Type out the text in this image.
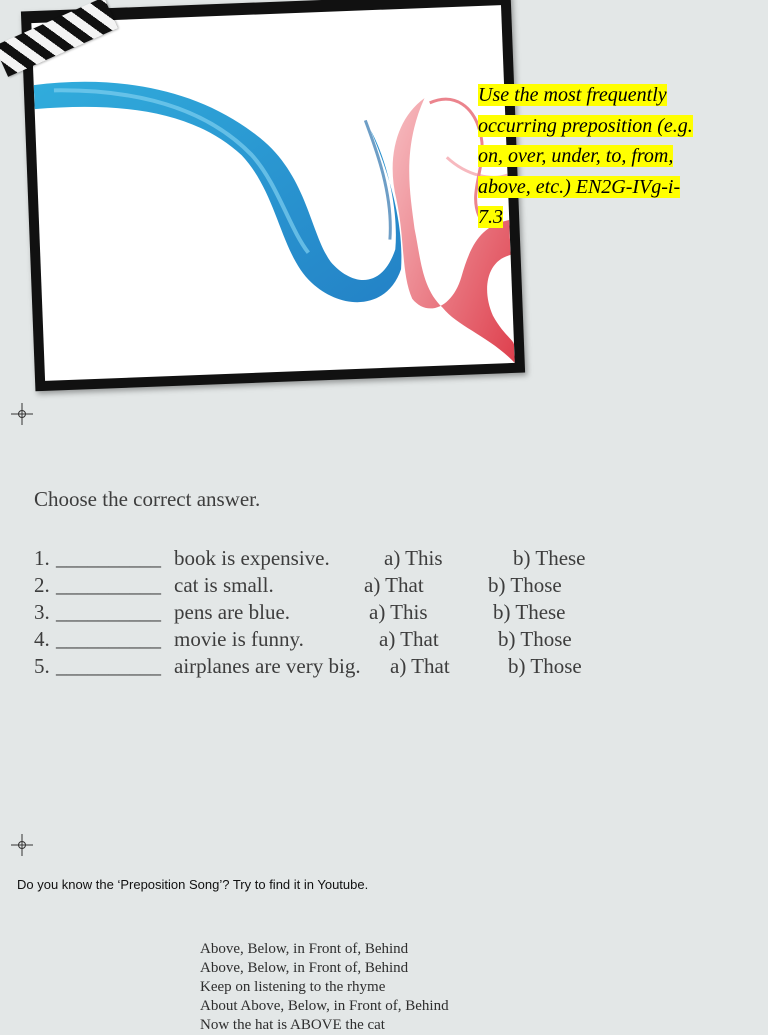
Use the most frequently
occurring preposition (e.g.
on, over, under, to, from,
above, etc.) EN2G-IVg-i-
7.3
Choose the correct answer.
1. __________ book is expensive.	a) This	b) These
2. __________ cat is small.	a) That	b) Those
3. __________ pens are blue.	a) This	b) These
4. __________ movie is funny.	a) That	b) Those
5. __________ airplanes are very big. a) That	b) Those
Do you know the ‘Preposition Song’? Try to find it in Youtube.
Above, Below, in Front of, Behind
Above, Below, in Front of, Behind
Keep on listening to the rhyme
About Above, Below, in Front of, Behind
Now the hat is ABOVE the cat
